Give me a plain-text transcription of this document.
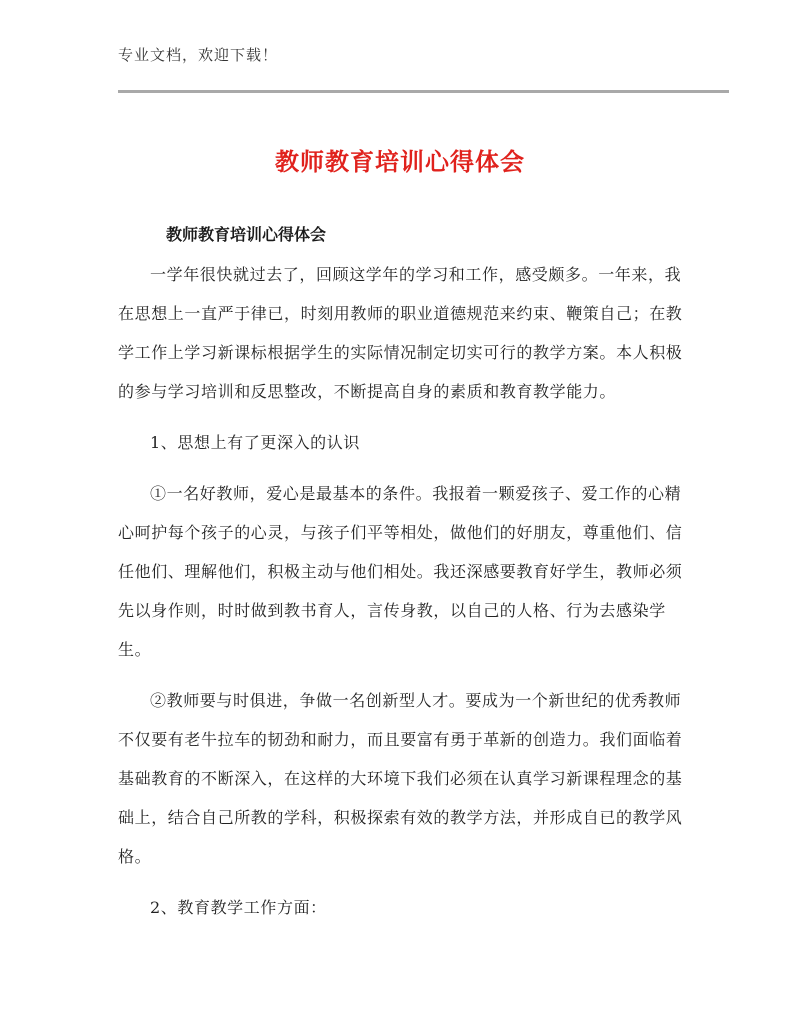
专业文档，欢迎下载！
教师教育培训心得体会
教师教育培训心得体会

一学年很快就过去了，回顾这学年的学习和工作，感受颇多。一年来，我在思想上一直严于律已，时刻用教师的职业道德规范来约束、鞭策自己；在教学工作上学习新课标根据学生的实际情况制定切实可行的教学方案。本人积极的参与学习培训和反思整改，不断提高自身的素质和教育教学能力。

1、思想上有了更深入的认识

①一名好教师，爱心是最基本的条件。我报着一颗爱孩子、爱工作的心精心呵护每个孩子的心灵，与孩子们平等相处，做他们的好朋友，尊重他们、信任他们、理解他们，积极主动与他们相处。我还深感要教育好学生，教师必须先以身作则，时时做到教书育人，言传身教，以自己的人格、行为去感染学生。

②教师要与时俱进，争做一名创新型人才。要成为一个新世纪的优秀教师不仅要有老牛拉车的韧劲和耐力，而且要富有勇于革新的创造力。我们面临着基础教育的不断深入，在这样的大环境下我们必须在认真学习新课程理念的基础上，结合自己所教的学科，积极探索有效的教学方法，并形成自已的教学风格。

2、教育教学工作方面：
